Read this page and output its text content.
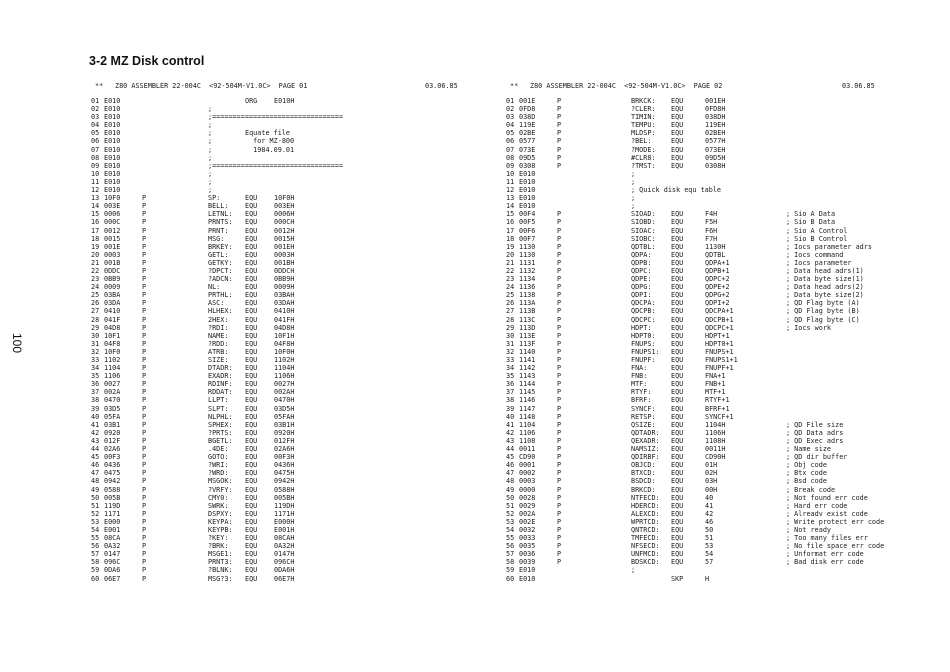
3-2 MZ Disk control
100
** Z80 ASSEMBLER 22-004C  <92-504M-V1.0C>  PAGE 01	03.06.85
01 E010	ORG E010H
02 E010	;
03 E010	;================================
04 E010	;
05 E010	;	Equate file
06 E010	;	for MZ-800
07 E010	;	1984.09.01
08 E010	;
09 E010	;================================
10 E010	;
11 E010	;
12 E010	;
13 10F0	P	SP:	EQU 10F0H
14 003E	P	BELL: EQU 003EH
15 0006	P	LETNL: EQU 0006H
16 000C	P	PRNTS: EQU 000CH
17 0012	P	PRNT: EQU 0012H
18 0015	P	MSG:	EQU 0015H
19 001E	P	BRKEY: EQU 001EH
20 0003	P	GETL: EQU 0003H
21 001B	P	GETKY: EQU 001BH
22 0DDC	P	?DPCT: EQU 0DDCH
23 0BB9	P	?ADCN: EQU 0BB9H
24 0009	P	NL:	EQU 0009H
25 03BA	P	PRTHL: EQU 03BAH
26 03DA	P	ASC:	EQU 03DAH
27 0410	P	HLHEX: EQU 0410H
28 041F	P	2HEX: EQU 041FH
29 04D8	P	?RDI: EQU 04D8H
30 10F1	P	NAME: EQU 10F1H
31 04F8	P	?RDD: EQU 04F8H
32 10F0	P	ATRB: EQU 10F0H
33 1102	P	SIZE: EQU 1102H
34 1104	P	DTADR: EQU 1104H
35 1106	P	EXADR: EQU 1106H
36 0027	P	RDINF: EQU 0027H
37 002A	P	RDDAT: EQU 002AH
38 0470	P	LLPT: EQU 0470H
39 03D5	P	SLPT: EQU 03D5H
40 05FA	P	NLPHL: EQU 05FAH
41 03B1	P	SPHEX: EQU 03B1H
42 0920	P	?PRTS: EQU 0920H
43 012F	P	BGETL: EQU 012FH
44 02A6	P	.4DE: EQU 02A6H
45 00F3	P	GOTO: EQU 00F3H
46 0436	P	?WRI: EQU 0436H
47 0475	P	?WRD: EQU 0475H
48 0942	P	MSGOK: EQU 0942H
49 0588	P	?VRFY: EQU 0588H
50 005B	P	CMY0: EQU 005BH
51 119D	P	SWRK: EQU 119DH
52 1171	P	DSPXY: EQU 1171H
53 E000	P	KEYPA: EQU E000H
54 E001	P	KEYPB: EQU E001H
55 08CA	P	?KEY: EQU 08CAH
56 0A32	P	?BRK: EQU 0A32H
57 0147	P	MSGE1: EQU 0147H
58 096C	P	PRNT3: EQU 096CH
59 0DA6	P	?BLNK: EQU 0DA6H
60 06E7	P	MSG?3: EQU 06E7H
** Z80 ASSEMBLER 22-004C  <92-504M-V1.0C>  PAGE 02	03.06.85
01 001E	P	BRKCK: EQU	001EH
02 0FD8	P	?CLER: EQU	0FD8H
03 038D	P	TIMIN: EQU	038DH
04 119E	P	TEMPU: EQU	119EH
05 02BE	P	MLDSP: EQU	02BEH
06 0577	P	?BEL:	EQU	0577H
07 073E	P	?MODE: EQU	073EH
08 09D5	P	#CLR8: EQU	09D5H
09 0308	P	?TMST: EQU	0308H
10 E010	;
11 E010	;
12 E010	; Quick disk equ table
13 E010	;
14 E010	;
15 00F4	P	SIOAD: EQU	F4H	; Sio A Data
16 00F5	P	SIOBD: EQU	F5H	; Sio B Data
17 00F6	P	SIOAC: EQU	F6H	; Sio A Control
18 00F7	P	SIOBC: EQU	F7H	; Sio B Control
19 1130	P	QDTBL: EQU	1130H	; Iocs parameter adrs
20 1130	P	QDPA:	EQU	QDTBL	; Iocs command
21 1131	P	QDPB:	EQU	QDPA+1	; Iocs parameter
22 1132	P	QDPC:	EQU	QDPB+1	; Data head adrs(1)
23 1134	P	QDPE:	EQU	QDPC+2	; Data byte size(1)
24 1136	P	QDPG:	EQU	QDPE+2	; Data head adrs(2)
25 1138	P	QDPI:	EQU	QDPG+2	; Data byte size(2)
26 113A	P	QDCPA: EQU	QDPI+2	; QD Flag byte (A)
27 113B	P	QDCPB: EQU	QDCPA+1	; QD Flag byte (B)
28 113C	P	QDCPC: EQU	QDCPB+1	; QD Flag byte (C)
29 113D	P	HDPT:	EQU	QDCPC+1	; Iocs work
30 113E	P	HDPT0: EQU	HDPT+1
31 113F	P	FNUPS: EQU	HDPT0+1
32 1140	P	FNUPS1: EQU	FNUPS+1
33 1141	P	FNUPF: EQU	FNUPS1+1
34 1142	P	FNA:	EQU	FNUPF+1
35 1143	P	FNB:	EQU	FNA+1
36 1144	P	MTF:	EQU	FNB+1
37 1145	P	RTYF:	EQU	MTF+1
38 1146	P	BFRF:	EQU	RTYF+1
39 1147	P	SYNCF: EQU	BFRF+1
40 1148	P	RETSP: EQU	SYNCF+1
41 1104	P	QSIZE: EQU	1104H	; QD File size
42 1106	P	QDTADR: EQU	1106H	; QD Data adrs
43 1108	P	QEXADR: EQU	1108H	; QD Exec adrs
44 0011	P	NAMSIZ: EQU	0011H	; Name size
45 CD90	P	QDIRBF: EQU	CD90H	; QD dir buffer
46 0001	P	OBJCD: EQU	01H	; Obj code
47 0002	P	BTXCD: EQU	02H	; Btx code
48 0003	P	BSDCD: EQU	03H	; Bsd code
49 0000	P	BRKCD: EQU	00H	; Break code
50 0028	P	NTFECD: EQU	40	; Not found err code
51 0029	P	HDERCD: EQU	41	; Hard err code
52 002A	P	ALEXCD: EQU	42	; Alreadv exist code
53 002E	P	WPRTCD: EQU	46	; Write protect err code
54 0032	P	QNTRCD: EQU	50	; Not ready
55 0033	P	TMFECD: EQU	51	; Too many files err
56 0035	P	NFSECD: EQU	53	; No file space err code
57 0036	P	UNFMCD: EQU	54	; Unformat err code
58 0039	P	BDSKCD: EQU	57	; Bad disk err code
59 E010	;
60 E010	SKP	H
